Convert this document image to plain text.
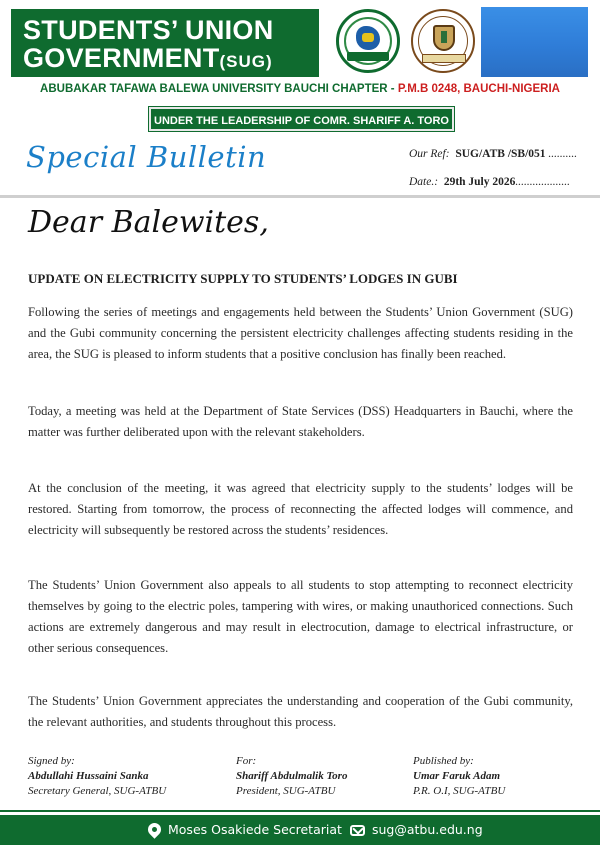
STUDENTS’ UNION
GOVERNMENT(SUG)
ABUBAKAR TAFAWA BALEWA UNIVERSITY BAUCHI CHAPTER - P.M.B 0248, BAUCHI-NIGERIA
UNDER THE LEADERSHIP OF COMR. SHARIFF A. TORO
Special Bulletin	Our Ref: SUG/ATB /SB/051 ..........
Date.: 29th July 2026...................
Dear Balewites,
UPDATE ON ELECTRICITY SUPPLY TO STUDENTS’ LODGES IN GUBI

Following the series of meetings and engagements held between the Students’ Union Government (SUG) and the Gubi community concerning the persistent electricity challenges affecting students residing in the area, the SUG is pleased to inform students that a positive conclusion has finally been reached.

Today, a meeting was held at the Department of State Services (DSS) Headquarters in Bauchi, where the matter was further deliberated upon with the relevant stakeholders.

At the conclusion of the meeting, it was agreed that electricity supply to the students’ lodges will be restored. Starting from tomorrow, the process of reconnecting the affected lodges will commence, and electricity will subsequently be restored across the students’ residences.

The Students’ Union Government also appeals to all students to stop attempting to reconnect electricity themselves by going to the electric poles, tampering with wires, or making unauthoriced connections. Such actions are extremely dangerous and may result in electrocution, damage to electrical infrastructure, or other serious consequences.

The Students’ Union Government appreciates the understanding and cooperation of the Gubi community, the relevant authorities, and students throughout this process.

Signed by:
Abdullahi Hussaini Sanka
Secretary General, SUG-ATBU
For:
Shariff Abdulmalik Toro
President, SUG-ATBU
Published by:
Umar Faruk Adam
P.R. O.I, SUG-ATBU
Moses Osakiede Secretariat	sug@atbu.edu.ng
